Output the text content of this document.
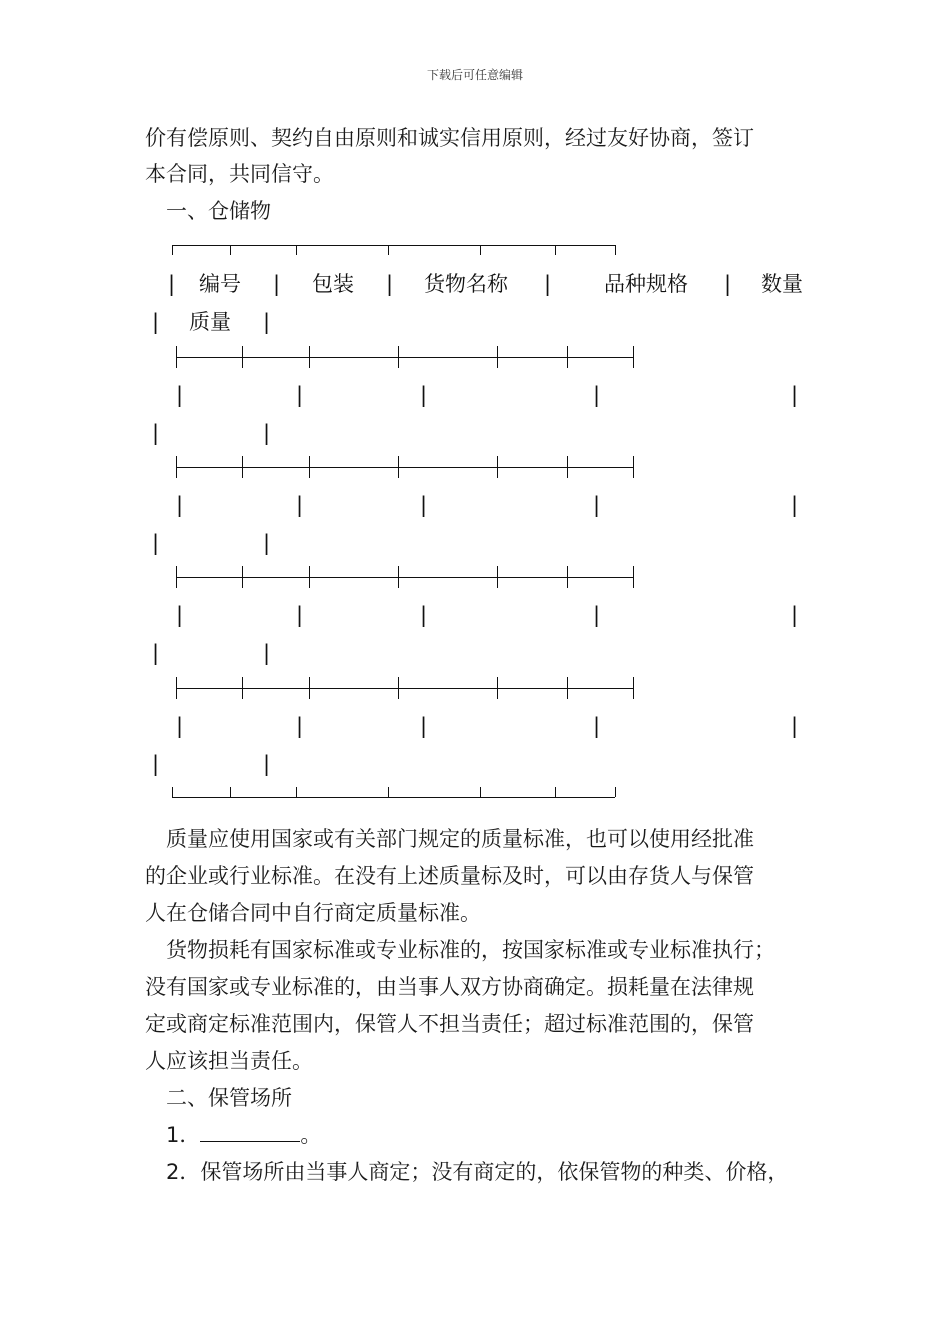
下载后可任意编辑
价有偿原则、契约自由原则和诚实信用原则，经过友好协商，签订
本合同，共同信守。
一、仓储物
| 编号 | 包装 | 货物名称 |	品种规格 | 数量
| 质量 |
|	|	|	|	|
|	|
|	|	|	|	|
|	|
|	|	|	|	|
|	|
|	|	|	|	|
|	|
质量应使用国家或有关部门规定的质量标准，也可以使用经批准
的企业或行业标准。在没有上述质量标及时，可以由存货人与保管
人在仓储合同中自行商定质量标准。
货物损耗有国家标准或专业标准的，按国家标准或专业标准执行；
没有国家或专业标准的，由当事人双方协商确定。损耗量在法律规
定或商定标准范围内，保管人不担当责任；超过标准范围的，保管
人应该担当责任。
二、保管场所
1．	。
2．保管场所由当事人商定；没有商定的，依保管物的种类、价格，
